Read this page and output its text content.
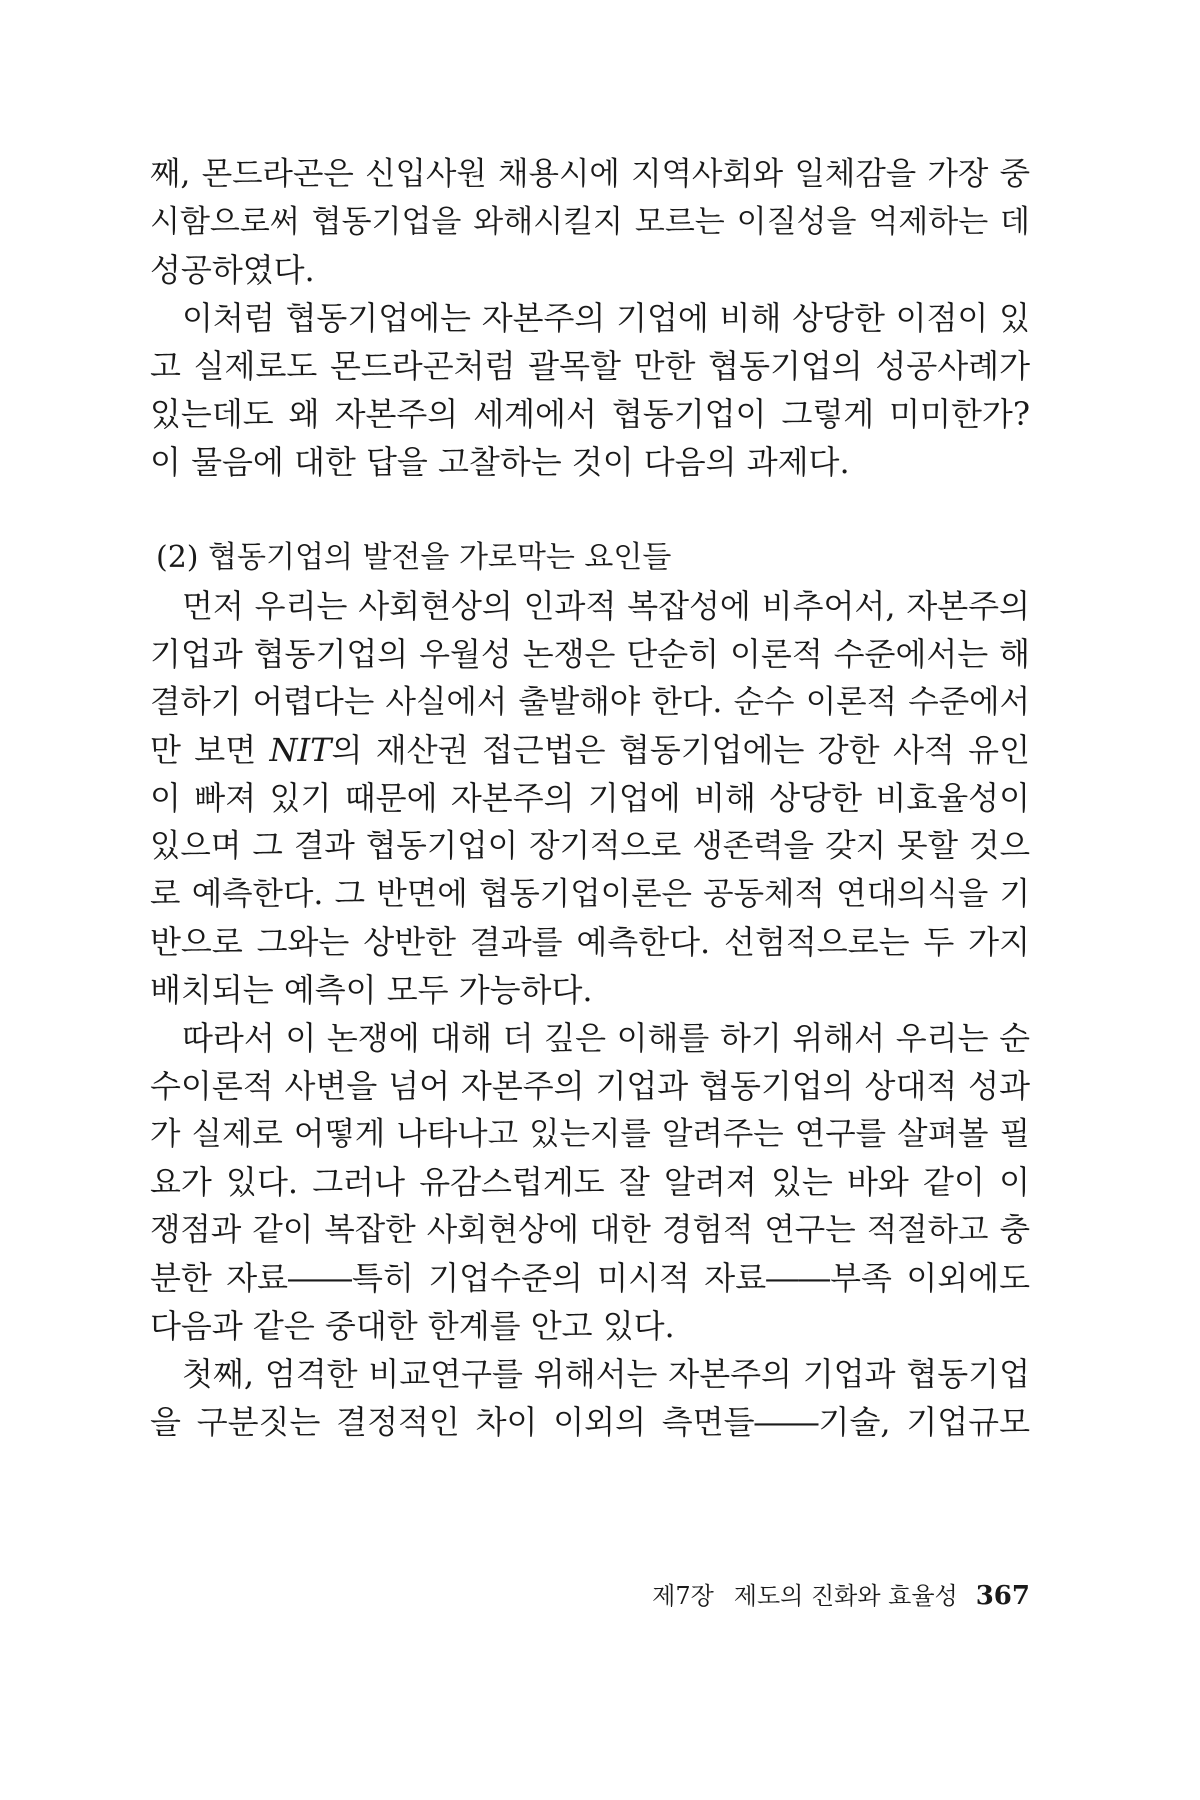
째, 몬드라곤은 신입사원 채용시에 지역사회와 일체감을 가장 중
시함으로써 협동기업을 와해시킬지 모르는 이질성을 억제하는 데
성공하였다.
이처럼 협동기업에는 자본주의 기업에 비해 상당한 이점이 있
고 실제로도 몬드라곤처럼 괄목할 만한 협동기업의 성공사례가
있는데도 왜 자본주의 세계에서 협동기업이 그렇게 미미한가?
이 물음에 대한 답을 고찰하는 것이 다음의 과제다.
(2) 협동기업의 발전을 가로막는 요인들
먼저 우리는 사회현상의 인과적 복잡성에 비추어서, 자본주의
기업과 협동기업의 우월성 논쟁은 단순히 이론적 수준에서는 해
결하기 어렵다는 사실에서 출발해야 한다. 순수 이론적 수준에서
만 보면 NIT의 재산권 접근법은 협동기업에는 강한 사적 유인
이 빠져 있기 때문에 자본주의 기업에 비해 상당한 비효율성이
있으며 그 결과 협동기업이 장기적으로 생존력을 갖지 못할 것으
로 예측한다. 그 반면에 협동기업이론은 공동체적 연대의식을 기
반으로 그와는 상반한 결과를 예측한다. 선험적으로는 두 가지
배치되는 예측이 모두 가능하다.
따라서 이 논쟁에 대해 더 깊은 이해를 하기 위해서 우리는 순
수이론적 사변을 넘어 자본주의 기업과 협동기업의 상대적 성과
가 실제로 어떻게 나타나고 있는지를 알려주는 연구를 살펴볼 필
요가 있다. 그러나 유감스럽게도 잘 알려져 있는 바와 같이 이
쟁점과 같이 복잡한 사회현상에 대한 경험적 연구는 적절하고 충
분한 자료――특히 기업수준의 미시적 자료――부족 이외에도
다음과 같은 중대한 한계를 안고 있다.
첫째, 엄격한 비교연구를 위해서는 자본주의 기업과 협동기업
을 구분짓는 결정적인 차이 이외의 측면들――기술, 기업규모
제7장 제도의 진화와 효율성 367
